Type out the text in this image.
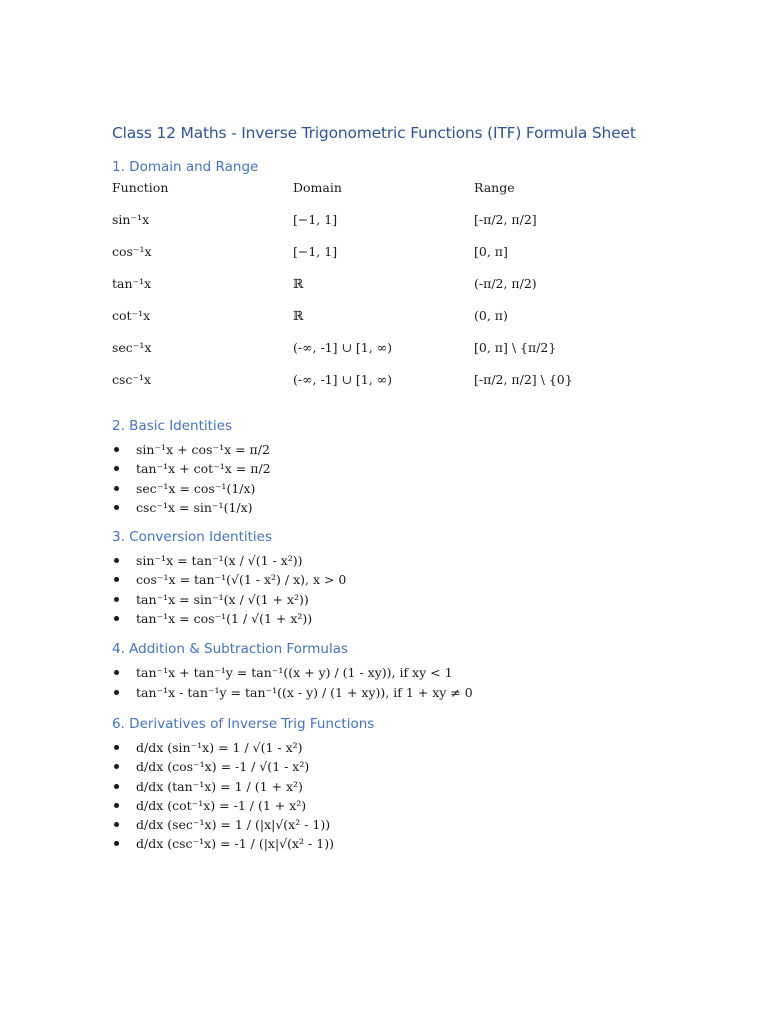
Class 12 Maths - Inverse Trigonometric Functions (ITF) Formula Sheet
1. Domain and Range
Function	Domain	Range
sin⁻¹x	[−1, 1]	[-π/2, π/2]
cos⁻¹x	[−1, 1]	[0, π]
tan⁻¹x	ℝ	(-π/2, π/2)
cot⁻¹x	ℝ	(0, π)
sec⁻¹x	(-∞, -1] ∪ [1, ∞)	[0, π] \ {π/2}
csc⁻¹x	(-∞, -1] ∪ [1, ∞)	[-π/2, π/2] \ {0}
2. Basic Identities
sin⁻¹x + cos⁻¹x = π/2
tan⁻¹x + cot⁻¹x = π/2
sec⁻¹x = cos⁻¹(1/x)
csc⁻¹x = sin⁻¹(1/x)
3. Conversion Identities
sin⁻¹x = tan⁻¹(x / √(1 - x²))
cos⁻¹x = tan⁻¹(√(1 - x²) / x), x > 0
tan⁻¹x = sin⁻¹(x / √(1 + x²))
tan⁻¹x = cos⁻¹(1 / √(1 + x²))
4. Addition & Subtraction Formulas
tan⁻¹x + tan⁻¹y = tan⁻¹((x + y) / (1 - xy)), if xy < 1
tan⁻¹x - tan⁻¹y = tan⁻¹((x - y) / (1 + xy)), if 1 + xy ≠ 0
6. Derivatives of Inverse Trig Functions
d/dx (sin⁻¹x) = 1 / √(1 - x²)
d/dx (cos⁻¹x) = -1 / √(1 - x²)
d/dx (tan⁻¹x) = 1 / (1 + x²)
d/dx (cot⁻¹x) = -1 / (1 + x²)
d/dx (sec⁻¹x) = 1 / (|x|√(x² - 1))
d/dx (csc⁻¹x) = -1 / (|x|√(x² - 1))
